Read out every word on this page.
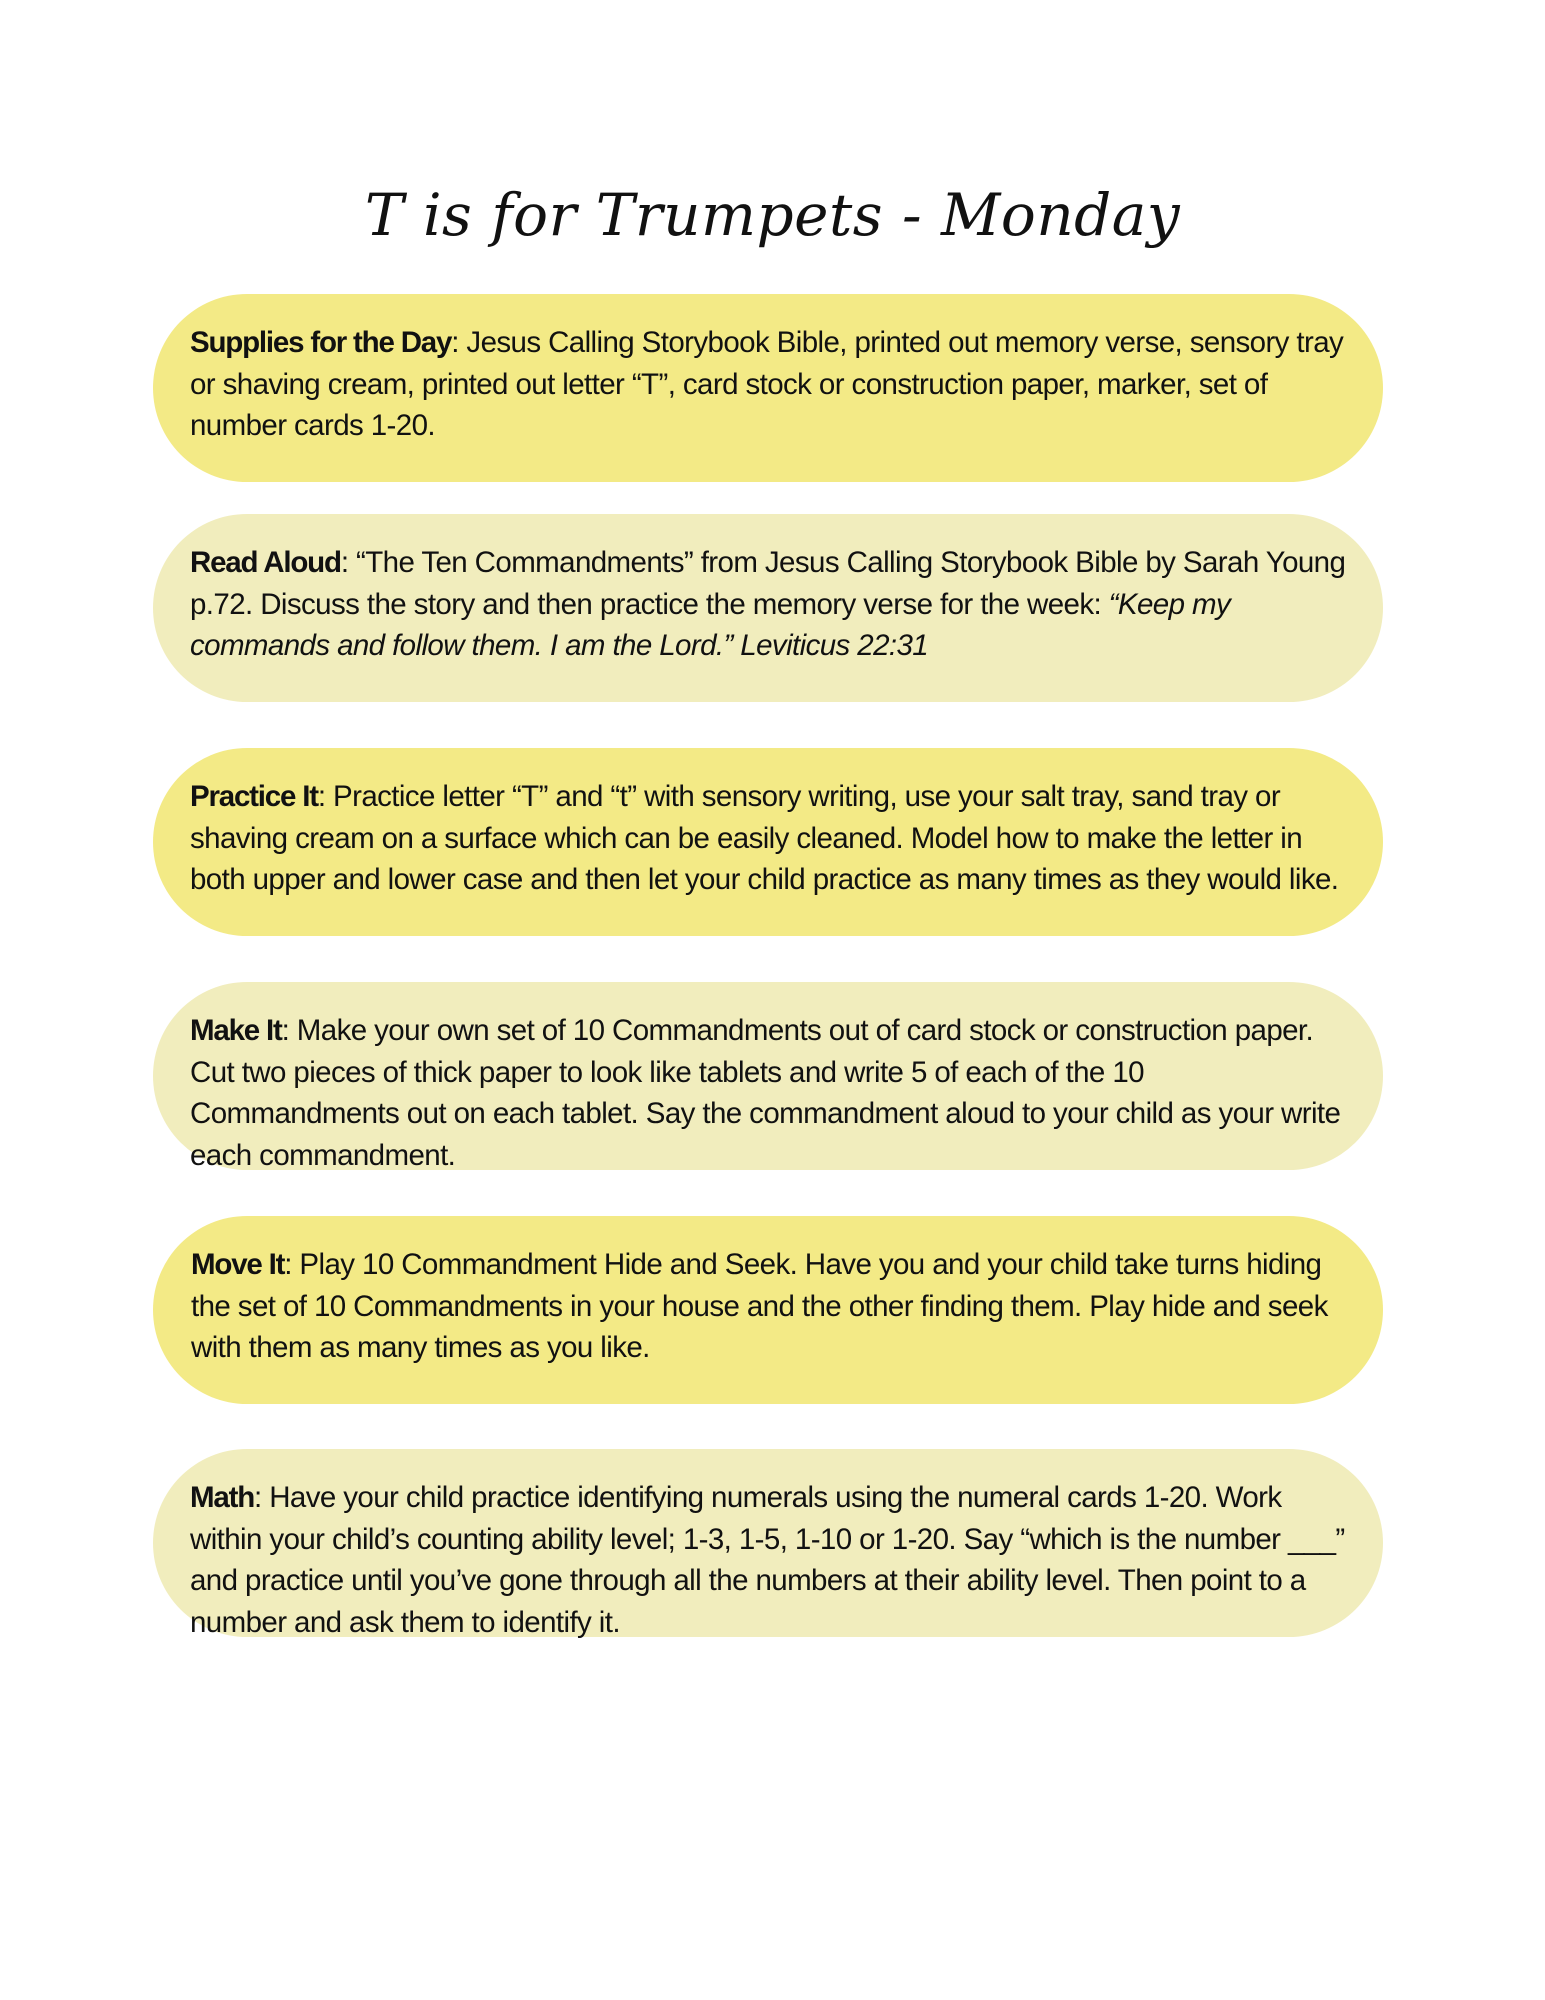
T is for Trumpets - Monday
Supplies for the Day: Jesus Calling Storybook Bible, printed out memory verse, sensory tray or shaving cream, printed out letter “T”, card stock or construction paper, marker, set of number cards 1-20.
Read Aloud: “The Ten Commandments” from Jesus Calling Storybook Bible by Sarah Young p.72. Discuss the story and then practice the memory verse for the week: “Keep my commands and follow them. I am the Lord.” Leviticus 22:31
Practice It: Practice letter “T” and “t” with sensory writing, use your salt tray, sand tray or shaving cream on a surface which can be easily cleaned. Model how to make the letter in both upper and lower case and then let your child practice as many times as they would like.
Make It: Make your own set of 10 Commandments out of card stock or construction paper. Cut two pieces of thick paper to look like tablets and write 5 of each of the 10 Commandments out on each tablet. Say the commandment aloud to your child as your write each commandment.
Move It: Play 10 Commandment Hide and Seek. Have you and your child take turns hiding the set of 10 Commandments in your house and the other finding them. Play hide and seek with them as many times as you like.
Math: Have your child practice identifying numerals using the numeral cards 1-20. Work within your child’s counting ability level; 1-3, 1-5, 1-10 or 1-20. Say “which is the number ___” and practice until you’ve gone through all the numbers at their ability level. Then point to a number and ask them to identify it.
